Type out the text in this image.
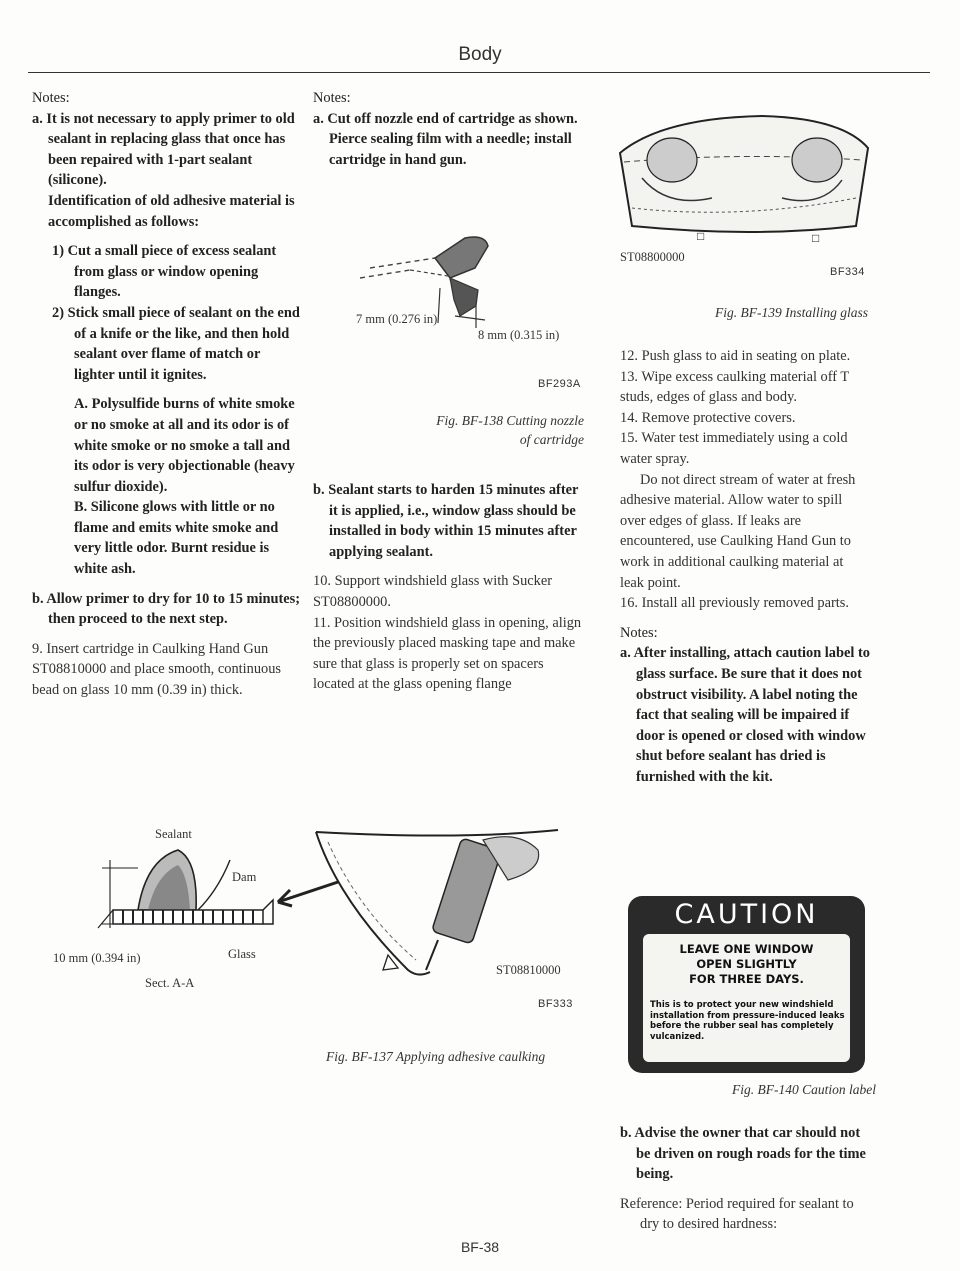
Body

Notes:

a. It is not necessary to apply primer to old sealant in replacing glass that once has been repaired with 1-part sealant (silicone).

Identification of old adhesive material is accomplished as follows:

1) Cut a small piece of excess sealant from glass or window opening flanges.

2) Stick small piece of sealant on the end of a knife or the like, and then hold sealant over flame of match or lighter until it ignites.

A. Polysulfide burns of white smoke or no smoke at all and its odor is of white smoke or no smoke a tall and its odor is very objectionable (heavy sulfur dioxide).

B. Silicone glows with little or no flame and emits white smoke and very little odor. Burnt residue is white ash.

b. Allow primer to dry for 10 to 15 minutes; then proceed to the next step.

9. Insert cartridge in Caulking Hand Gun ST08810000 and place smooth, continuous bead on glass 10 mm (0.39 in) thick.

Notes:

a. Cut off nozzle end of cartridge as shown.

Pierce sealing film with a needle; install cartridge in hand gun.

7 mm (0.276 in)
8 mm (0.315 in)
BF293A
Fig. BF-138 Cutting nozzle
of cartridge

b. Sealant starts to harden 15 minutes after it is applied, i.e., window glass should be installed in body within 15 minutes after applying sealant.

10. Support windshield glass with Sucker ST08800000.

11. Position windshield glass in opening, align the previously placed masking tape and make sure that glass is properly set on spacers located at the glass opening flange

Sealant
Dam
Glass
10 mm (0.394 in)
Sect. A-A
ST08810000
BF333
Fig. BF-137 Applying adhesive caulking
□	□
ST08800000
BF334
Fig. BF-139 Installing glass

12. Push glass to aid in seating on plate.

13. Wipe excess caulking material off T studs, edges of glass and body.

14. Remove protective covers.

15. Water test immediately using a cold water spray.

Do not direct stream of water at fresh adhesive material. Allow water to spill over edges of glass. If leaks are encountered, use Caulking Hand Gun to work in additional caulking material at leak point.

16. Install all previously removed parts.

Notes:

a. After installing, attach caution label to glass surface. Be sure that it does not obstruct visibility. A label noting the fact that sealing will be impaired if door is opened or closed with window shut before sealant has dried is furnished with the kit.

CAUTION
LEAVE ONE WINDOW
OPEN SLIGHTLY
FOR THREE DAYS.
This is to protect your new windshield installation from pressure-induced leaks before the rubber seal has completely vulcanized.
Fig. BF-140 Caution label

b. Advise the owner that car should not be driven on rough roads for the time being.

Reference: Period required for sealant to dry to desired hardness:

BF-38
